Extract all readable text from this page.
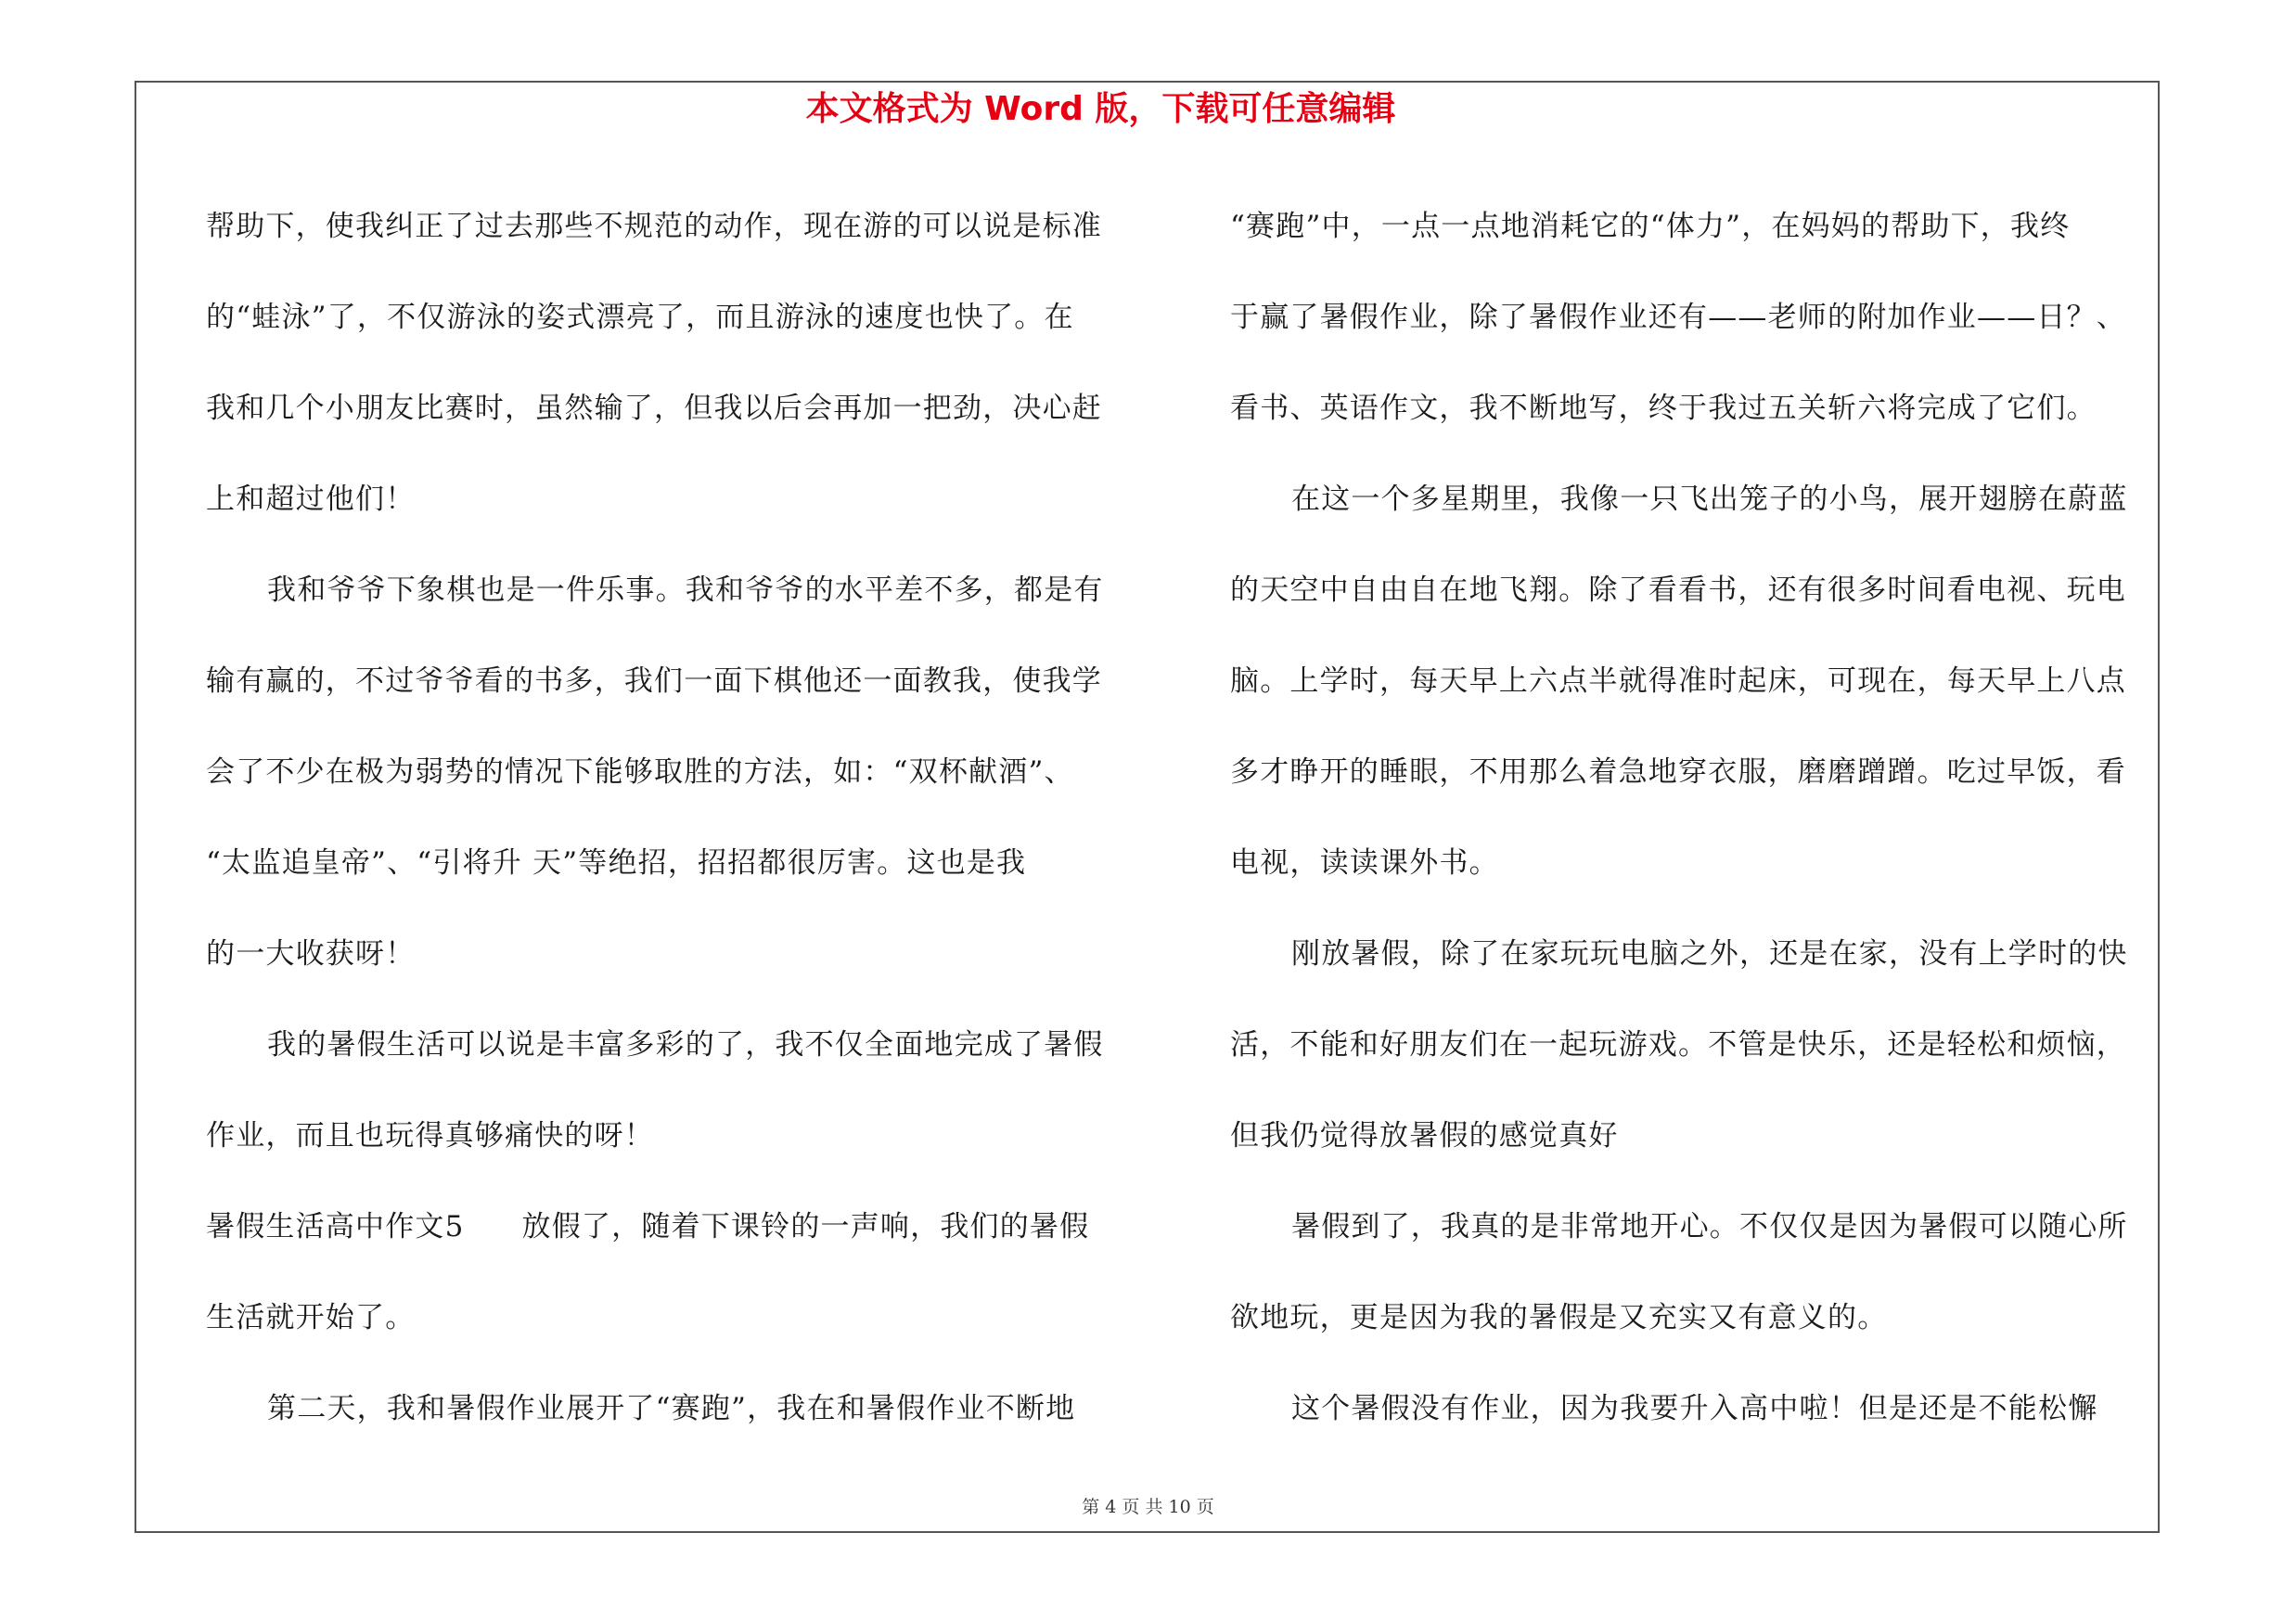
本文格式为 Word 版，下载可任意编辑
帮助下，使我纠正了过去那些不规范的动作，现在游的可以说是标准
的“蛙泳”了，不仅游泳的姿式漂亮了，而且游泳的速度也快了。在
我和几个小朋友比赛时，虽然输了，但我以后会再加一把劲，决心赶
上和超过他们！
我和爷爷下象棋也是一件乐事。我和爷爷的水平差不多，都是有
输有赢的，不过爷爷看的书多，我们一面下棋他还一面教我，使我学
会了不少在极为弱势的情况下能够取胜的方法，如：“双杯献酒”、
“太监追皇帝”、“引将升 天”等绝招，招招都很厉害。这也是我
的一大收获呀！
我的暑假生活可以说是丰富多彩的了，我不仅全面地完成了暑假
作业，而且也玩得真够痛快的呀！
暑假生活高中作文5 放假了，随着下课铃的一声响，我们的暑假
生活就开始了。
第二天，我和暑假作业展开了“赛跑”，我在和暑假作业不断地
“赛跑”中，一点一点地消耗它的“体力”，在妈妈的帮助下，我终
于赢了暑假作业，除了暑假作业还有——老师的附加作业——日？、
看书、英语作文，我不断地写，终于我过五关斩六将完成了它们。
在这一个多星期里，我像一只飞出笼子的小鸟，展开翅膀在蔚蓝
的天空中自由自在地飞翔。除了看看书，还有很多时间看电视、玩电
脑。上学时，每天早上六点半就得准时起床，可现在，每天早上八点
多才睁开的睡眼，不用那么着急地穿衣服，磨磨蹭蹭。吃过早饭，看
电视，读读课外书。
刚放暑假，除了在家玩玩电脑之外，还是在家，没有上学时的快
活，不能和好朋友们在一起玩游戏。不管是快乐，还是轻松和烦恼，
但我仍觉得放暑假的感觉真好
暑假到了，我真的是非常地开心。不仅仅是因为暑假可以随心所
欲地玩，更是因为我的暑假是又充实又有意义的。
这个暑假没有作业，因为我要升入高中啦！但是还是不能松懈
第 4 页 共 10 页
